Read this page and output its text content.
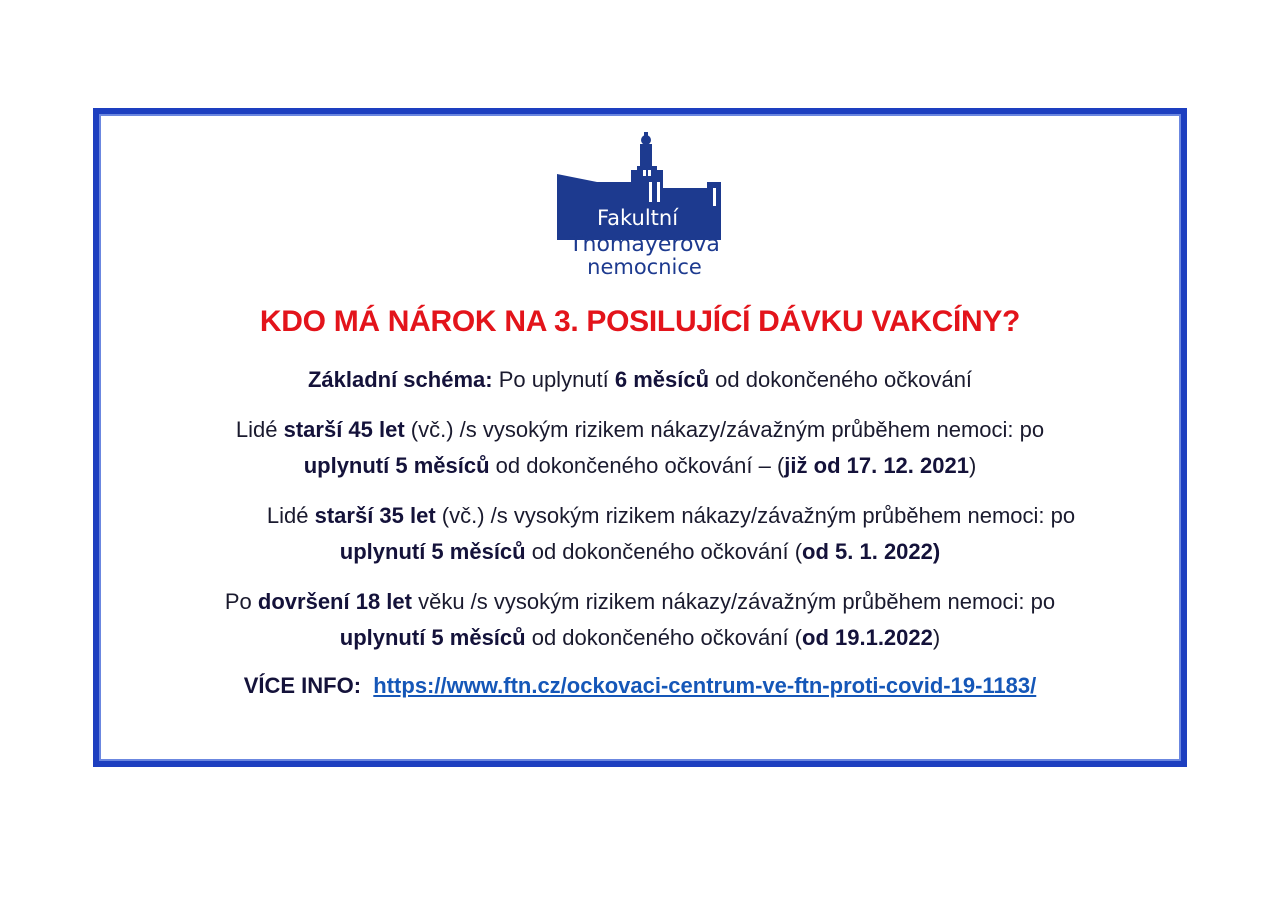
Fakultní
Thomayerova
nemocnice
KDO MÁ NÁROK NA 3. POSILUJÍCÍ DÁVKU VAKCÍNY?

Základní schéma: Po uplynutí 6 měsíců od dokončeného očkování

Lidé starší 45 let (vč.) /s vysokým rizikem nákazy/závažným průběhem nemoci: po

uplynutí 5 měsíců od dokončeného očkování – (již od 17. 12. 2021)

Lidé starší 35 let (vč.) /s vysokým rizikem nákazy/závažným průběhem nemoci: po

uplynutí 5 měsíců od dokončeného očkování (od 5. 1. 2022)

Po dovršení 18 let věku /s vysokým rizikem nákazy/závažným průběhem nemoci: po

uplynutí 5 měsíců od dokončeného očkování (od 19.1.2022)

VÍCE INFO: https://www.ftn.cz/ockovaci-centrum-ve-ftn-proti-covid-19-1183/
